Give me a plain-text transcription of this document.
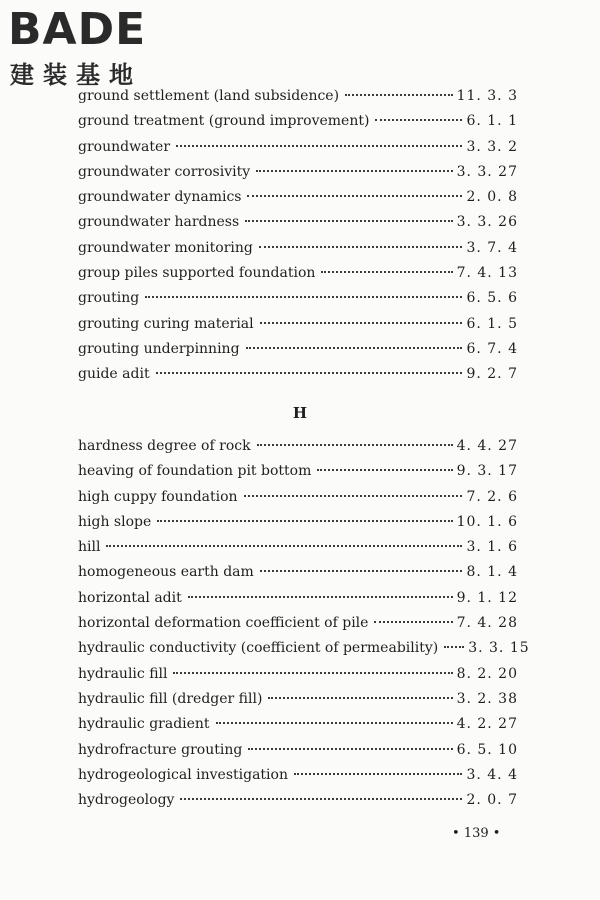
BADE
建装基地
ground settlement (land subsidence)	11. 3. 3
ground treatment (ground improvement)	6. 1. 1
groundwater	3. 3. 2
groundwater corrosivity	3. 3. 27
groundwater dynamics	2. 0. 8
groundwater hardness	3. 3. 26
groundwater monitoring	3. 7. 4
group piles supported foundation	7. 4. 13
grouting	6. 5. 6
grouting curing material	6. 1. 5
grouting underpinning	6. 7. 4
guide adit	9. 2. 7
H
hardness degree of rock	4. 4. 27
heaving of foundation pit bottom	9. 3. 17
high cuppy foundation	7. 2. 6
high slope	10. 1. 6
hill	3. 1. 6
homogeneous earth dam	8. 1. 4
horizontal adit	9. 1. 12
horizontal deformation coefficient of pile	7. 4. 28
hydraulic conductivity (coefficient of permeability) 3. 3. 15
hydraulic fill	8. 2. 20
hydraulic fill (dredger fill)	3. 2. 38
hydraulic gradient	4. 2. 27
hydrofracture grouting	6. 5. 10
hydrogeological investigation	3. 4. 4
hydrogeology	2. 0. 7
• 139 •
